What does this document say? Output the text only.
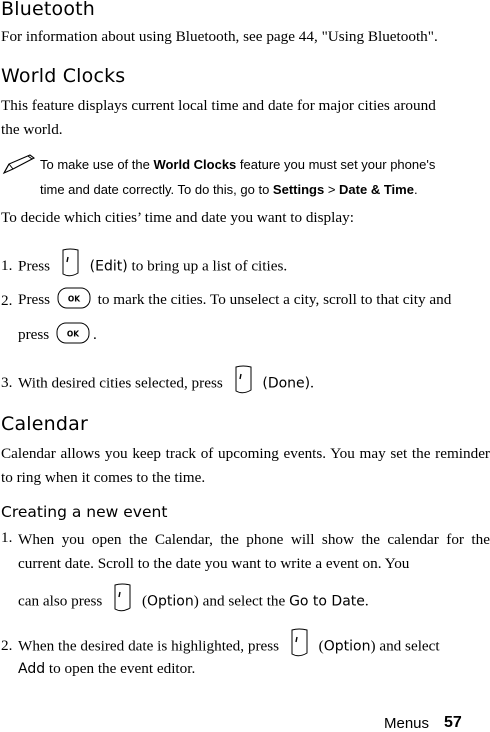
Bluetooth

For information about using Bluetooth, see page 44, "Using Bluetooth".

World Clocks

This feature displays current local time and date for major cities around

the world.

To make use of the World Clocks feature you must set your phone's

time and date correctly. To do this, go to Settings > Date & Time.

To decide which cities’ time and date you want to display:

1. Press	(Edit) to bring up a list of cities.

2. Press OK to mark the cities. To unselect a city, scroll to that city and

press OK .

3. With desired cities selected, press	(Done).

Calendar

Calendar allows you keep track of upcoming events. You may set the reminder to ring when it comes to the time.

Creating a new event
1. When you open the Calendar, the phone will show the calendar for the current date. Scroll to the date you want to write a event on. You

can also press	(Option) and select the Go to Date.

2. When the desired date is highlighted, press	(Option) and select

Add to open the event editor.

Menus 57
